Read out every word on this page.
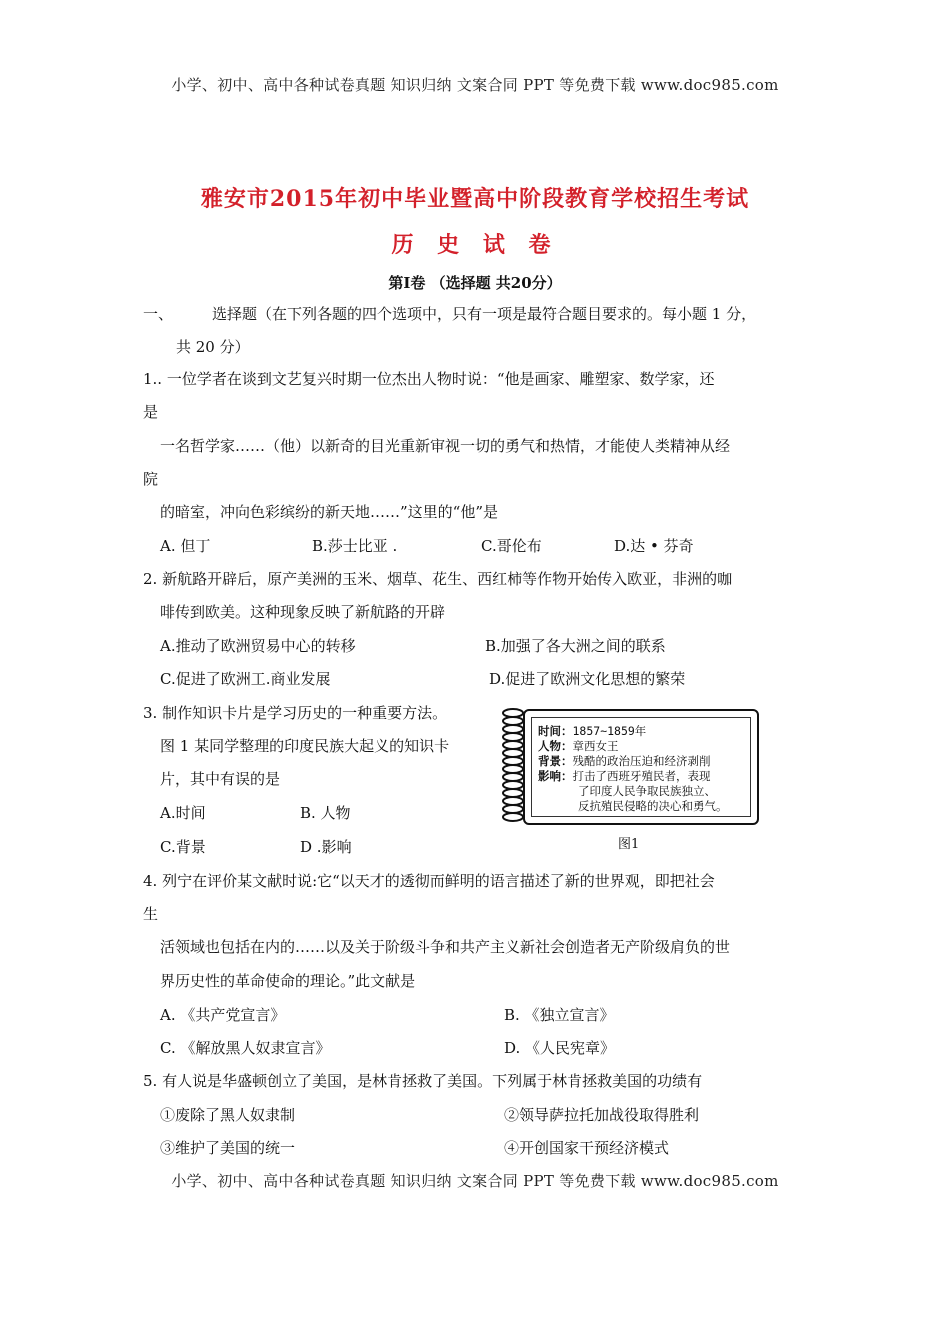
小学、初中、高中各种试卷真题 知识归纳 文案合同 PPT 等免费下载 www.doc985.com
雅安市2015年初中毕业暨高中阶段教育学校招生考试
历 史 试 卷
第Ⅰ卷 （选择题 共20分）
一、	选择题（在下列各题的四个选项中，只有一项是最符合题目要求的。每小题 1 分，
共 20 分）
1.. 一位学者在谈到文艺复兴时期一位杰出人物时说：“他是画家、雕塑家、数学家，还
是
一名哲学家……（他）以新奇的目光重新审视一切的勇气和热情，才能使人类精神从经
院
的暗室，冲向色彩缤纷的新天地……”这里的“他”是
A. 但丁	B.莎士比亚 .	C.哥伦布	D.达 • 芬奇
2. 新航路开辟后，原产美洲的玉米、烟草、花生、西红柿等作物开始传入欧亚，非洲的咖
啡传到欧美。这种现象反映了新航路的开辟
A.推动了欧洲贸易中心的转移	B.加强了各大洲之间的联系
C.促进了欧洲工.商业发展	D.促进了欧洲文化思想的繁荣
3. 制作知识卡片是学习历史的一种重要方法。
图 1 某同学整理的印度民族大起义的知识卡
片，其中有误的是
A.时间	B. 人物
C.背景	D .影响
时间：1857~1859年
人物：章西女王
背景：残酷的政治压迫和经济剥削
影响：打击了西班牙殖民者，表现
了印度人民争取民族独立、
反抗殖民侵略的决心和勇气。
图1
4. 列宁在评价某文献时说:它“以天才的透彻而鲜明的语言描述了新的世界观，即把社会
生
活领域也包括在内的……以及关于阶级斗争和共产主义新社会创造者无产阶级肩负的世
界历史性的革命使命的理论。”此文献是
A. 《共产党宣言》	B. 《独立宣言》
C. 《解放黑人奴隶宣言》	D. 《人民宪章》
5. 有人说是华盛顿创立了美国，是林肯拯救了美国。下列属于林肯拯救美国的功绩有
①废除了黑人奴隶制	②领导萨拉托加战役取得胜利
③维护了美国的统一	④开创国家干预经济模式
小学、初中、高中各种试卷真题 知识归纳 文案合同 PPT 等免费下载 www.doc985.com
